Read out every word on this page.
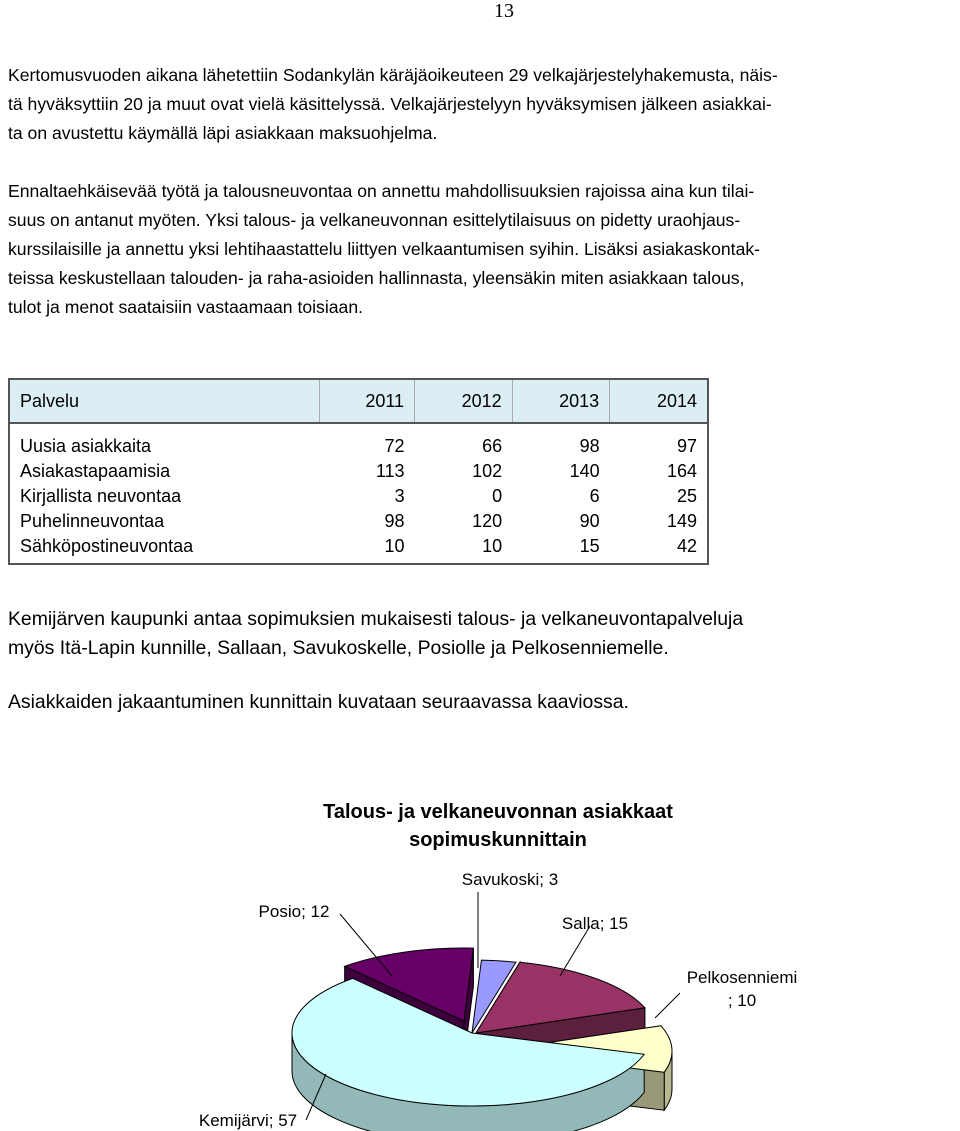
13
Kertomusvuoden aikana lähetettiin Sodankylän käräjäoikeuteen 29 velkajärjestelyhakemusta, näis-
tä hyväksyttiin 20 ja muut ovat vielä käsittelyssä. Velkajärjestelyyn hyväksymisen jälkeen asiakkai-
ta on avustettu käymällä läpi asiakkaan maksuohjelma.
Ennaltaehkäisevää työtä ja talousneuvontaa on annettu mahdollisuuksien rajoissa aina kun tilai-
suus on antanut myöten. Yksi talous- ja velkaneuvonnan esittelytilaisuus on pidetty uraohjaus-
kurssilaisille ja annettu yksi lehtihaastattelu liittyen velkaantumisen syihin. Lisäksi asiakaskontak-
teissa keskustellaan talouden- ja raha-asioiden hallinnasta, yleensäkin miten asiakkaan talous,
tulot ja menot saataisiin vastaamaan toisiaan.
Palvelu	2011	2012	2013	2014

Uusia asiakkaita	72	66	98	97
Asiakastapaamisia	113	102	140	164
Kirjallista neuvontaa	3	0	6	25
Puhelinneuvontaa	98	120	90	149
Sähköpostineuvontaa	10	10	15	42
Kemijärven kaupunki antaa sopimuksien mukaisesti talous- ja velkaneuvontapalveluja
myös Itä-Lapin kunnille, Sallaan, Savukoskelle, Posiolle ja Pelkosenniemelle.
Asiakkaiden jakaantuminen kunnittain kuvataan seuraavassa kaaviossa.
Talous- ja velkaneuvonnan asiakkaat
sopimuskunnittain
Savukoski; 3
Salla; 15
Pelkosenniemi
; 10
Kemijärvi; 57
Posio; 12
